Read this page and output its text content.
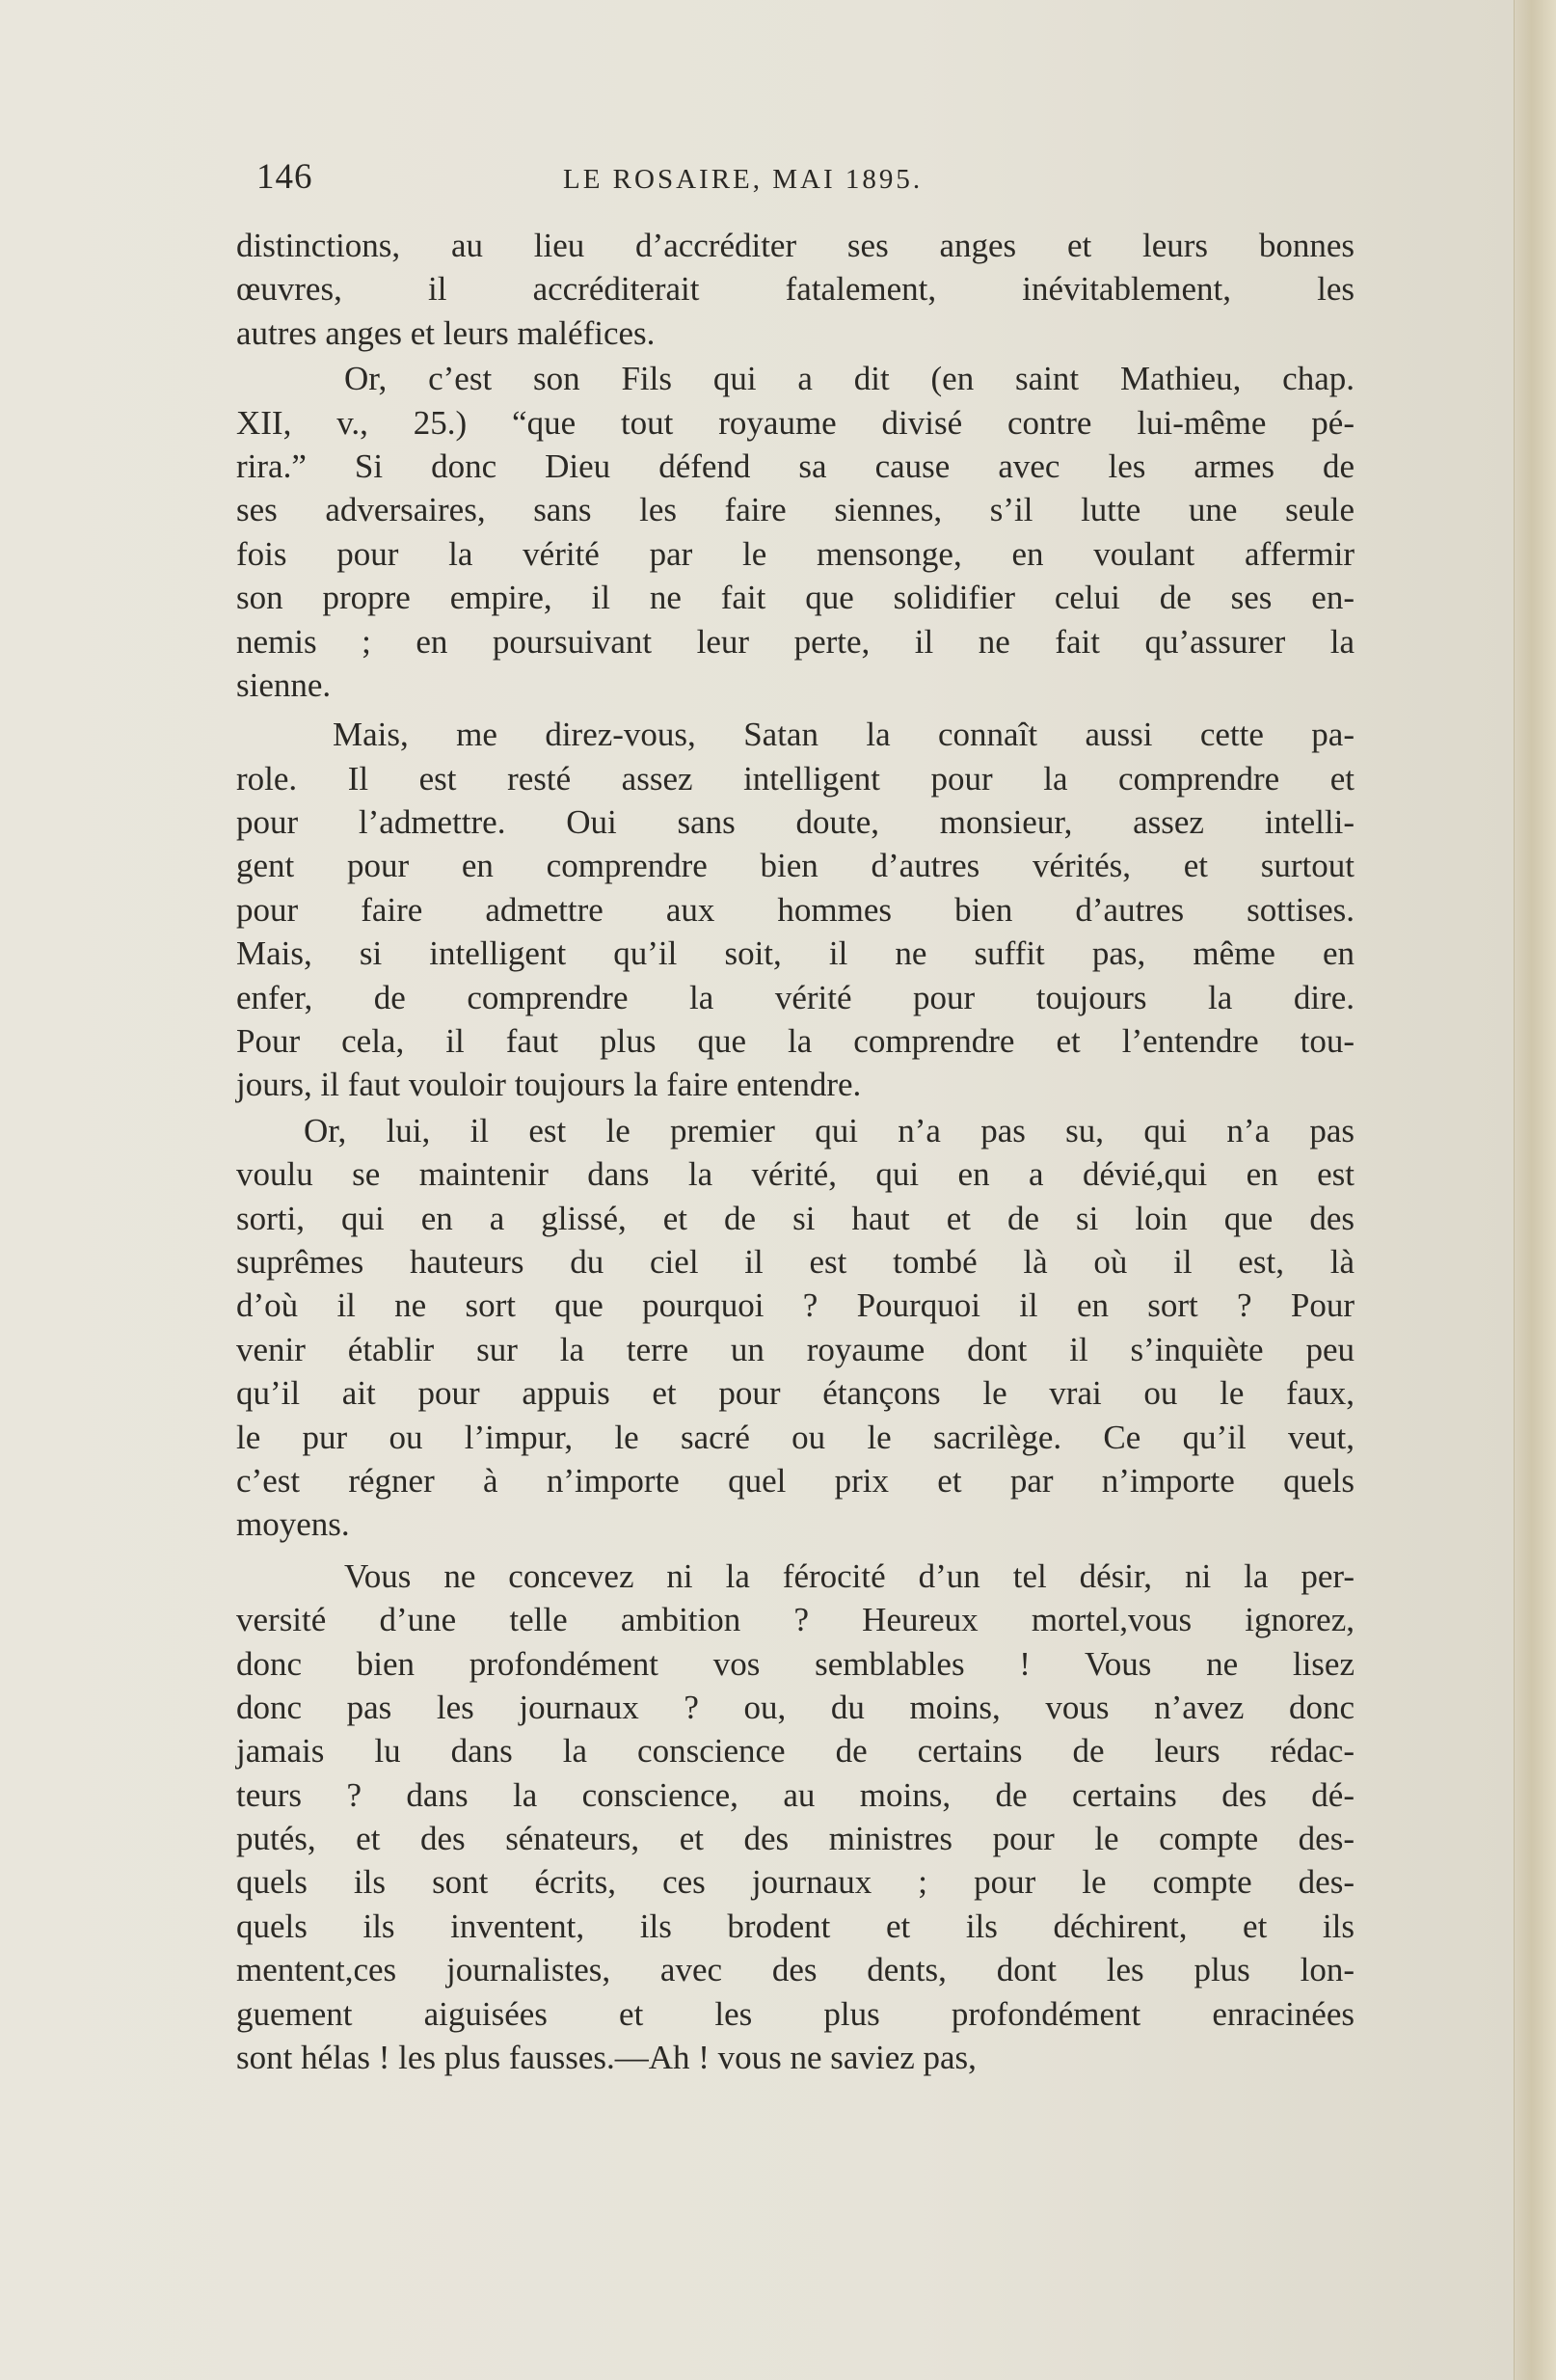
146	LE ROSAIRE, MAI 1895.
distinctions, au lieu d’accréditer ses anges et leurs bonnes
œuvres, il accréditerait fatalement, inévitablement, les
autres anges et leurs maléfices.
Or, c’est son Fils qui a dit (en saint Mathieu, chap.
XII, v., 25.) “que tout royaume divisé contre lui-même pé-
rira.” Si donc Dieu défend sa cause avec les armes de
ses adversaires, sans les faire siennes, s’il lutte une seule
fois pour la vérité par le mensonge, en voulant affermir
son propre empire, il ne fait que solidifier celui de ses en-
nemis ; en poursuivant leur perte, il ne fait qu’assurer la
sienne.
Mais, me direz-vous, Satan la connaît aussi cette pa-
role. Il est resté assez intelligent pour la comprendre et
pour l’admettre. Oui sans doute, monsieur, assez intelli-
gent pour en comprendre bien d’autres vérités, et surtout
pour faire admettre aux hommes bien d’autres sottises.
Mais, si intelligent qu’il soit, il ne suffit pas, même en
enfer, de comprendre la vérité pour toujours la dire.
Pour cela, il faut plus que la comprendre et l’entendre tou-
jours, il faut vouloir toujours la faire entendre.
Or, lui, il est le premier qui n’a pas su, qui n’a pas
voulu se maintenir dans la vérité, qui en a dévié,qui en est
sorti, qui en a glissé, et de si haut et de si loin que des
suprêmes hauteurs du ciel il est tombé là où il est, là
d’où il ne sort que pourquoi ? Pourquoi il en sort ? Pour
venir établir sur la terre un royaume dont il s’inquiète peu
qu’il ait pour appuis et pour étançons le vrai ou le faux,
le pur ou l’impur, le sacré ou le sacrilège. Ce qu’il veut,
c’est régner à n’importe quel prix et par n’importe quels
moyens.
Vous ne concevez ni la férocité d’un tel désir, ni la per-
versité d’une telle ambition ? Heureux mortel,vous ignorez,
donc bien profondément vos semblables ! Vous ne lisez
donc pas les journaux ? ou, du moins, vous n’avez donc
jamais lu dans la conscience de certains de leurs rédac-
teurs ? dans la conscience, au moins, de certains des dé-
putés, et des sénateurs, et des ministres pour le compte des-
quels ils sont écrits, ces journaux ; pour le compte des-
quels ils inventent, ils brodent et ils déchirent, et ils
mentent,ces journalistes, avec des dents, dont les plus lon-
guement aiguisées et les plus profondément enracinées
sont hélas ! les plus fausses.—Ah ! vous ne saviez pas,
